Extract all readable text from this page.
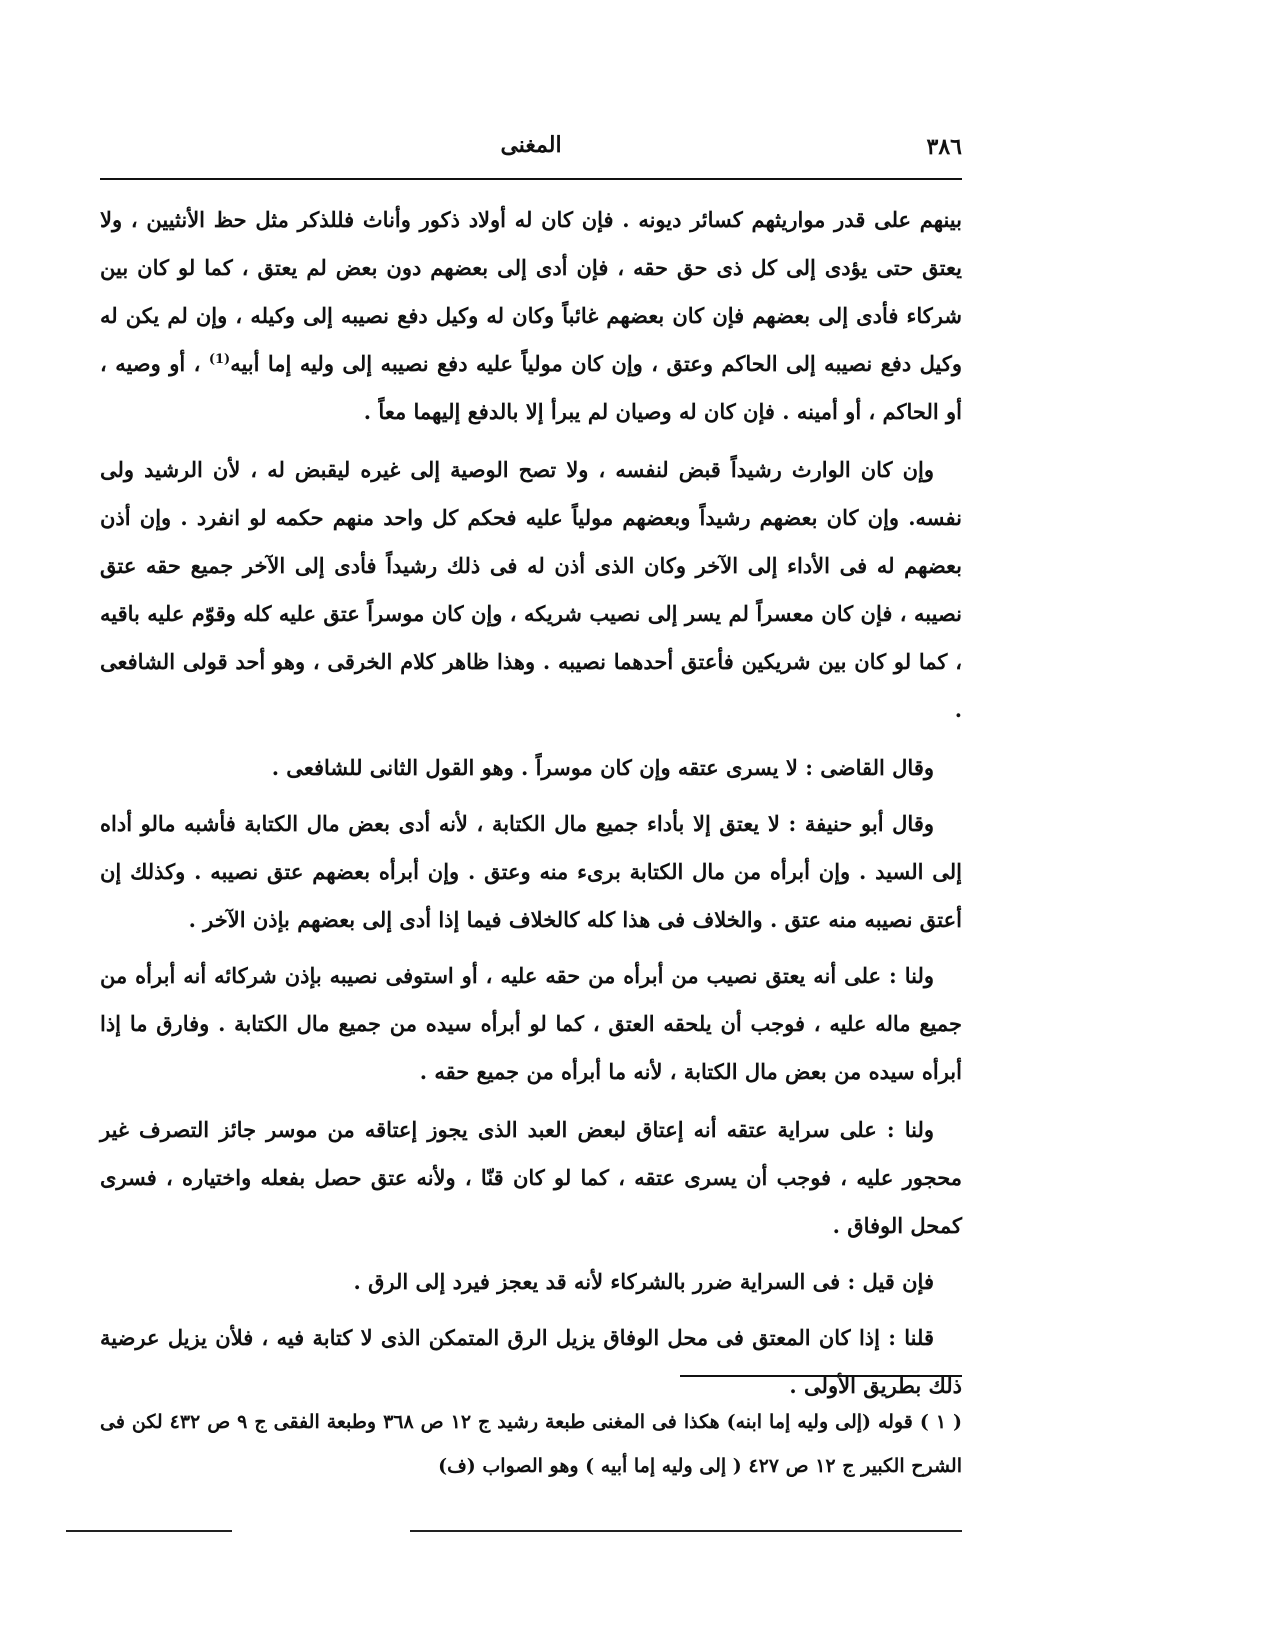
٣٨٦
المغنى

بينهم على قدر مواريثهم كسائر ديونه . فإن كان له أولاد ذكور وأناث فللذكر مثل حظ الأنثيين ، ولا يعتق حتى يؤدى إلى كل ذى حق حقه ، فإن أدى إلى بعضهم دون بعض لم يعتق ، كما لو كان بين شركاء فأدى إلى بعضهم فإن كان بعضهم غائباً وكان له وكيل دفع نصيبه إلى وكيله ، وإن لم يكن له وكيل دفع نصيبه إلى الحاكم وعتق ، وإن كان مولياً عليه دفع نصيبه إلى وليه إما أبيه$^{(1)}$ ، أو وصيه ، أو الحاكم ، أو أمينه . فإن كان له وصيان لم يبرأ إلا بالدفع إليهما معاً .

وإن كان الوارث رشيداً قبض لنفسه ، ولا تصح الوصية إلى غيره ليقبض له ، لأن الرشيد ولى نفسه. وإن كان بعضهم رشيداً وبعضهم مولياً عليه فحكم كل واحد منهم حكمه لو انفرد . وإن أذن بعضهم له فى الأداء إلى الآخر وكان الذى أذن له فى ذلك رشيداً فأدى إلى الآخر جميع حقه عتق نصيبه ، فإن كان معسراً لم يسر إلى نصيب شريكه ، وإن كان موسراً عتق عليه كله وقوّم عليه باقيه ، كما لو كان بين شريكين فأعتق أحدهما نصيبه . وهذا ظاهر كلام الخرقى ، وهو أحد قولى الشافعى .

وقال القاضى : لا يسرى عتقه وإن كان موسراً . وهو القول الثانى للشافعى .

وقال أبو حنيفة : لا يعتق إلا بأداء جميع مال الكتابة ، لأنه أدى بعض مال الكتابة فأشبه مالو أداه إلى السيد . وإن أبرأه من مال الكتابة برىء منه وعتق . وإن أبرأه بعضهم عتق نصيبه . وكذلك إن أعتق نصيبه منه عتق . والخلاف فى هذا كله كالخلاف فيما إذا أدى إلى بعضهم بإذن الآخر .

ولنا : على أنه يعتق نصيب من أبرأه من حقه عليه ، أو استوفى نصيبه بإذن شركائه أنه أبرأه من جميع ماله عليه ، فوجب أن يلحقه العتق ، كما لو أبرأه سيده من جميع مال الكتابة . وفارق ما إذا أبرأه سيده من بعض مال الكتابة ، لأنه ما أبرأه من جميع حقه .

ولنا : على سراية عتقه أنه إعتاق لبعض العبد الذى يجوز إعتاقه من موسر جائز التصرف غير محجور عليه ، فوجب أن يسرى عتقه ، كما لو كان قنّا ، ولأنه عتق حصل بفعله واختياره ، فسرى كمحل الوفاق .

فإن قيل : فى السراية ضرر بالشركاء لأنه قد يعجز فيرد إلى الرق .

قلنا : إذا كان المعتق فى محل الوفاق يزيل الرق المتمكن الذى لا كتابة فيه ، فلأن يزيل عرضية ذلك بطريق الأولى .

( ١ ) قوله (إلى وليه إما ابنه) هكذا فى المغنى طبعة رشيد ج ١٢ ص ٣٦٨ وطبعة الفقى ج ٩ ص ٤٣٢ لكن فى الشرح الكبير ج ١٢ ص ٤٢٧ ( إلى وليه إما أبيه ) وهو الصواب (ف)
